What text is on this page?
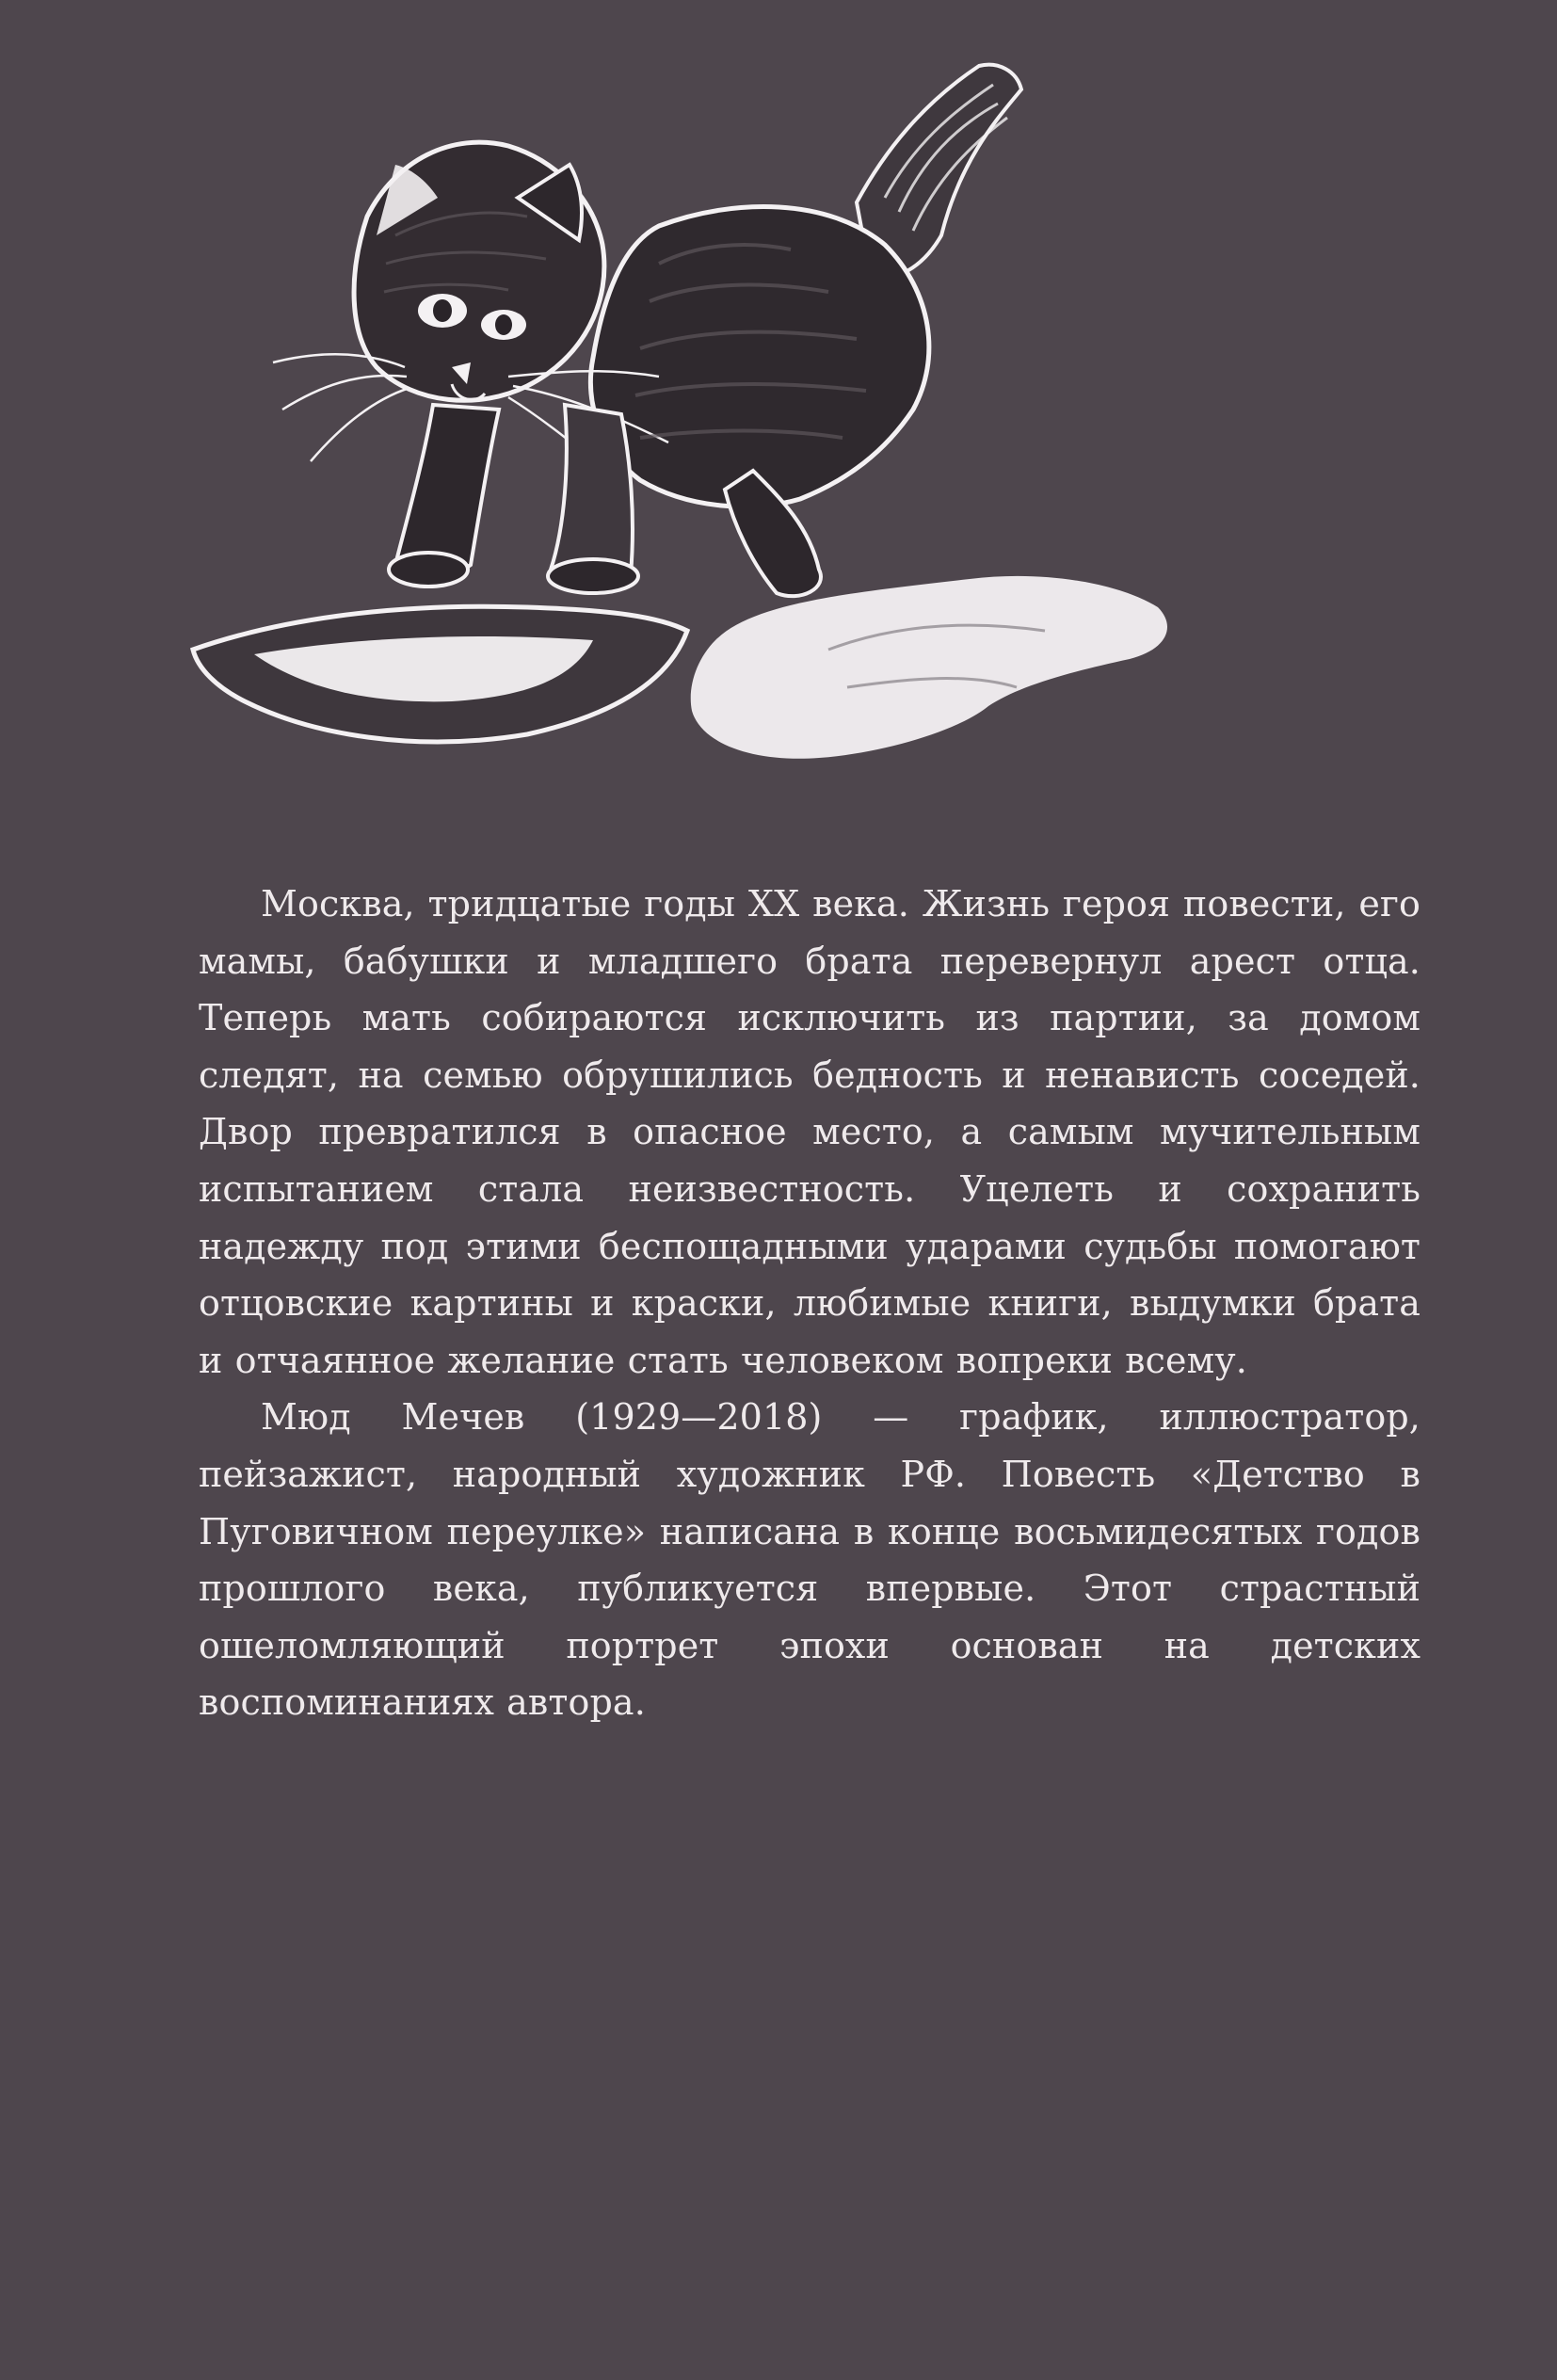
Москва, тридцатые годы XX века. Жизнь героя повести, его мамы, бабушки и младшего брата перевернул арест отца. Теперь мать собираются исключить из партии, за домом следят, на семью обрушились бедность и ненависть соседей. Двор превратился в опасное место, а самым мучительным испытанием стала неизвестность. Уцелеть и сохранить надежду под этими беспощадными ударами судьбы помогают отцовские картины и краски, любимые книги, выдумки брата и отчаянное желание стать человеком вопреки всему.

Мюд Мечев (1929—2018) — график, иллюстратор, пейзажист, народный художник РФ. Повесть «Детство в Пуговичном переулке» написана в конце восьмидесятых годов прошлого века, публикуется впервые. Этот страстный ошеломляющий портрет эпохи основан на детских воспоминаниях автора.
